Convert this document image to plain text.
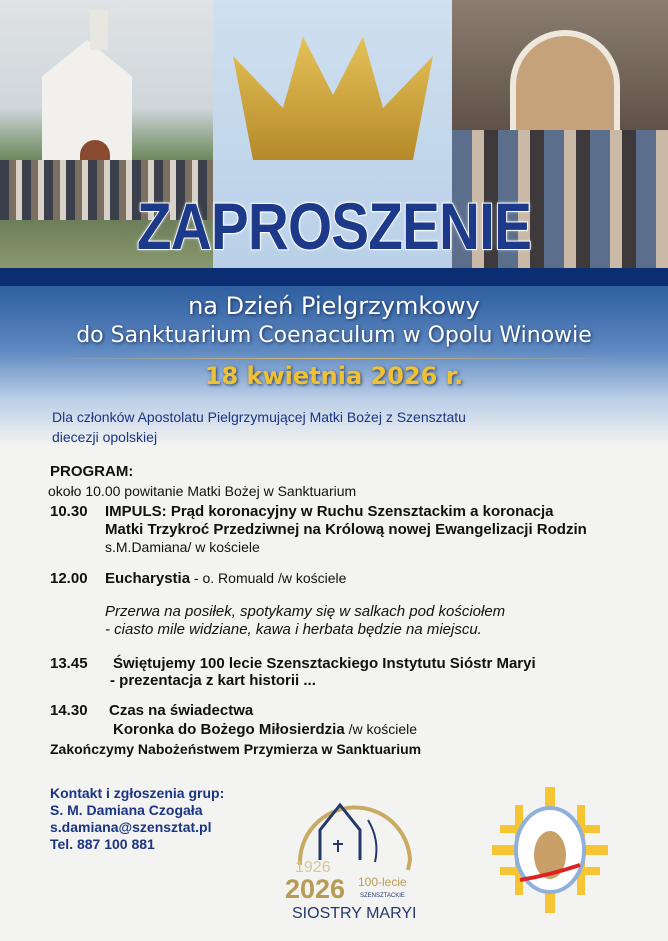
ZAPROSZENIE
na Dzień Pielgrzymkowy
do Sanktuarium Coenaculum w Opolu Winowie
18 kwietnia 2026 r.
Dla członków Apostolatu Pielgrzymującej Matki Bożej z Szensztatu
diecezji opolskiej
PROGRAM:
około 10.00 powitanie Matki Bożej w Sanktuarium
10.30 IMPULS: Prąd koronacyjny w Ruchu Szensztackim a koronacja
Matki Trzykroć Przedziwnej na Królową nowej Ewangelizacji Rodzin
s.M.Damiana/ w kościele
12.00 Eucharystia - o. Romuald /w kościele
Przerwa na posiłek, spotykamy się w salkach pod kościołem
- ciasto mile widziane, kawa i herbata będzie na miejscu.
13.45 Świętujemy 100 lecie Szensztackiego Instytutu Sióstr Maryi
- prezentacja z kart historii ...
14.30 Czas na świadectwa
Koronka do Bożego Miłosierdzia /w kościele
Zakończymy Nabożeństwem Przymierza w Sanktuarium
Kontakt i zgłoszenia grup:
S. M. Damiana Czogała
s.damiana@szensztat.pl
Tel. 887 100 881
1926
2026 100-lecie
SZENSZTACKIE
SIOSTRY MARYI
